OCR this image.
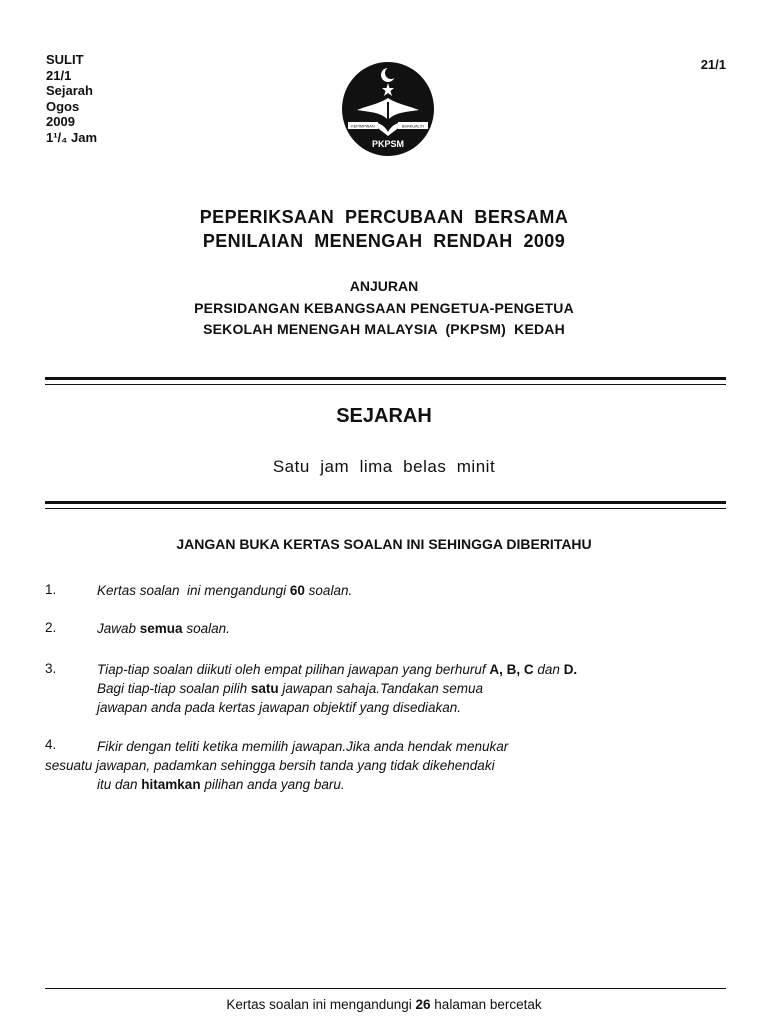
SULIT
21/1
Sejarah
Ogos
2009
1¹/₄ Jam
21/1
KEPIMPINAN	BERKUALITI
PKPSM
PEPERIKSAAN  PERCUBAAN  BERSAMA
PENILAIAN  MENENGAH  RENDAH  2009
ANJURAN
PERSIDANGAN KEBANGSAAN PENGETUA-PENGETUA
SEKOLAH MENENGAH MALAYSIA  (PKPSM)  KEDAH
SEJARAH
Satu  jam  lima  belas  minit
JANGAN BUKA KERTAS SOALAN INI SEHINGGA DIBERITAHU
1.	Kertas soalan  ini mengandungi 60 soalan.
2.	Jawab semua soalan.
3.	Tiap-tiap soalan diikuti oleh empat pilihan jawapan yang berhuruf A, B, C dan D.
Bagi tiap-tiap soalan pilih satu jawapan sahaja.Tandakan semua
jawapan anda pada kertas jawapan objektif yang disediakan.
4.	Fikir dengan teliti ketika memilih jawapan.Jika anda hendak menukar
sesuatu jawapan, padamkan sehingga bersih tanda yang tidak dikehendaki
itu dan hitamkan pilihan anda yang baru.
Kertas soalan ini mengandungi 26 halaman bercetak
